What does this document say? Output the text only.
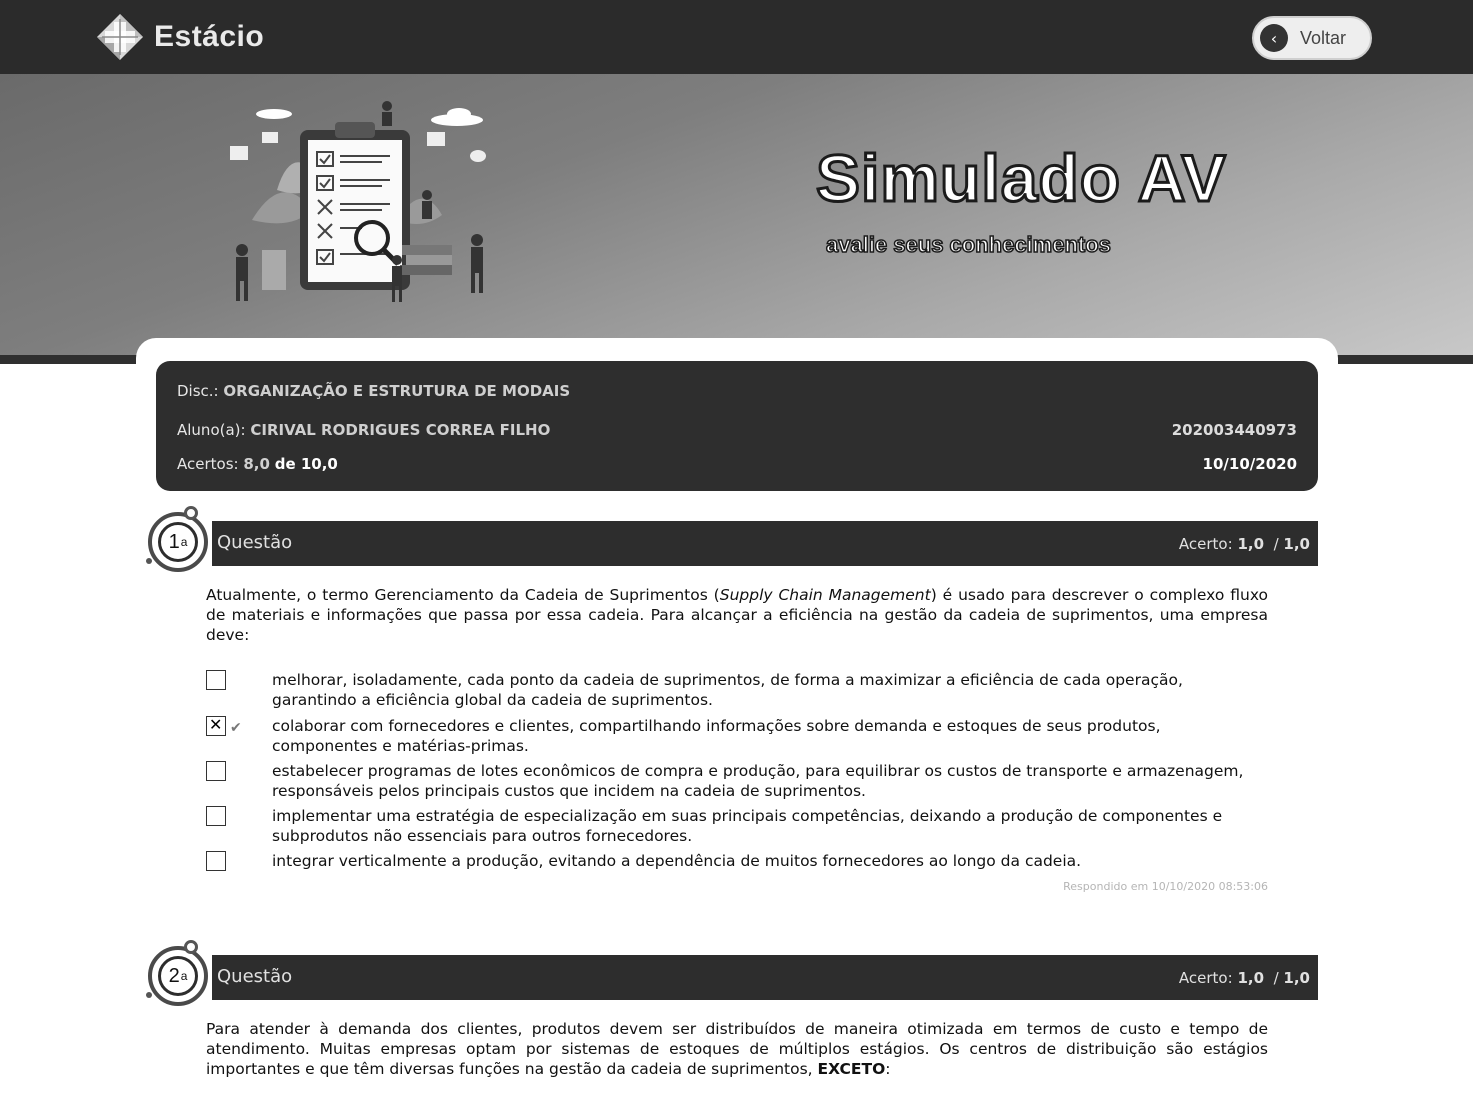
Estácio	‹	Voltar
Simulado AV
avalie seus conhecimentos
Disc.: ORGANIZAÇÃO E ESTRUTURA DE MODAIS
Aluno(a): CIRIVAL RODRIGUES CORREA FILHO	202003440973
Acertos: 8,0 de 10,0	10/10/2020
Questão	Acerto: 1,0 / 1,0
1 a
Atualmente, o termo Gerenciamento da Cadeia de Suprimentos (Supply Chain Management) é usado para descrever o complexo fluxo de materiais e informações que passa por essa cadeia. Para alcançar a eficiência na gestão da cadeia de suprimentos, uma empresa deve:
melhorar, isoladamente, cada ponto da cadeia de suprimentos, de forma a maximizar a eficiência de cada operação, garantindo a eficiência global da cadeia de suprimentos.
✕
✔ colaborar com fornecedores e clientes, compartilhando informações sobre demanda e estoques de seus produtos, componentes e matérias-primas.
estabelecer programas de lotes econômicos de compra e produção, para equilibrar os custos de transporte e armazenagem, responsáveis pelos principais custos que incidem na cadeia de suprimentos.
implementar uma estratégia de especialização em suas principais competências, deixando a produção de componentes e subprodutos não essenciais para outros fornecedores.
integrar verticalmente a produção, evitando a dependência de muitos fornecedores ao longo da cadeia.
Respondido em 10/10/2020 08:53:06
Questão	Acerto: 1,0 / 1,0
2 a
Para atender à demanda dos clientes, produtos devem ser distribuídos de maneira otimizada em termos de custo e tempo de atendimento. Muitas empresas optam por sistemas de estoques de múltiplos estágios. Os centros de distribuição são estágios importantes e que têm diversas funções na gestão da cadeia de suprimentos, EXCETO:
